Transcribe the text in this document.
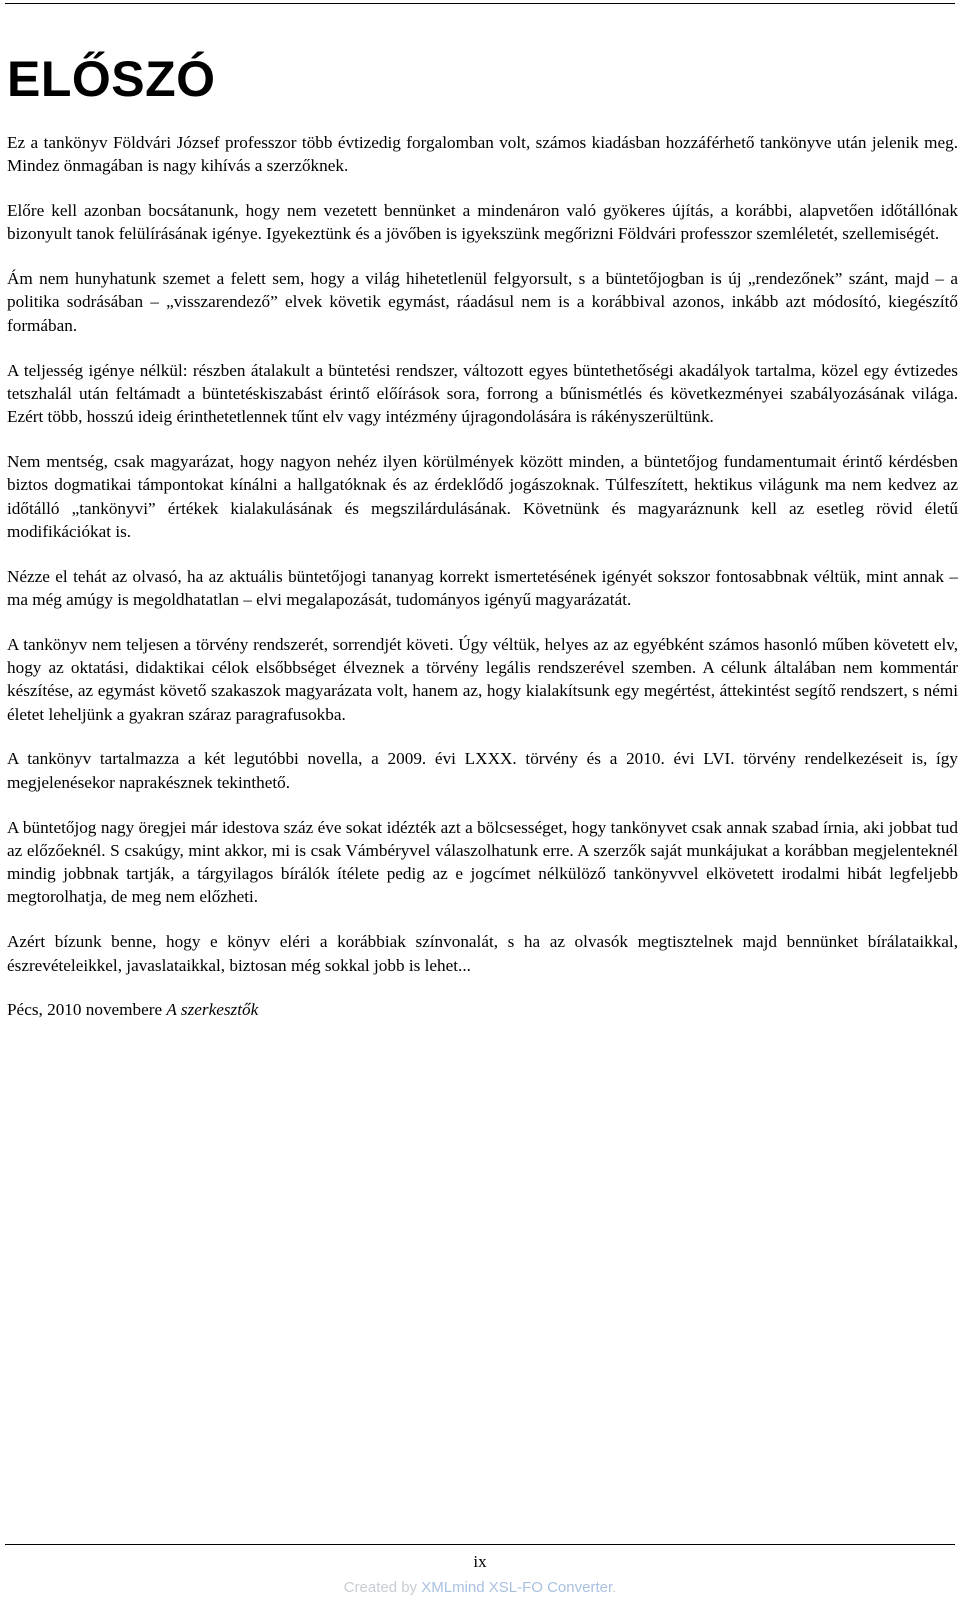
ELŐSZÓ

Ez a tankönyv Földvári József professzor több évtizedig forgalomban volt, számos kiadásban hozzáférhető tankönyve után jelenik meg. Mindez önmagában is nagy kihívás a szerzőknek.

Előre kell azonban bocsátanunk, hogy nem vezetett bennünket a mindenáron való gyökeres újítás, a korábbi, alapvetően időtállónak bizonyult tanok felülírásának igénye. Igyekeztünk és a jövőben is igyekszünk megőrizni Földvári professzor szemléletét, szellemiségét.

Ám nem hunyhatunk szemet a felett sem, hogy a világ hihetetlenül felgyorsult, s a büntetőjogban is új „rendezőnek” szánt, majd – a politika sodrásában – „visszarendező” elvek követik egymást, ráadásul nem is a korábbival azonos, inkább azt módosító, kiegészítő formában.

A teljesség igénye nélkül: részben átalakult a büntetési rendszer, változott egyes büntethetőségi akadályok tartalma, közel egy évtizedes tetszhalál után feltámadt a büntetéskiszabást érintő előírások sora, forrong a bűnismétlés és következményei szabályozásának világa. Ezért több, hosszú ideig érinthetetlennek tűnt elv vagy intézmény újragondolására is rákényszerültünk.

Nem mentség, csak magyarázat, hogy nagyon nehéz ilyen körülmények között minden, a büntetőjog fundamentumait érintő kérdésben biztos dogmatikai támpontokat kínálni a hallgatóknak és az érdeklődő jogászoknak. Túlfeszített, hektikus világunk ma nem kedvez az időtálló „tankönyvi” értékek kialakulásának és megszilárdulásának. Követnünk és magyaráznunk kell az esetleg rövid életű modifikációkat is.

Nézze el tehát az olvasó, ha az aktuális büntetőjogi tananyag korrekt ismertetésének igényét sokszor fontosabbnak véltük, mint annak – ma még amúgy is megoldhatatlan – elvi megalapozását, tudományos igényű magyarázatát.

A tankönyv nem teljesen a törvény rendszerét, sorrendjét követi. Úgy véltük, helyes az az egyébként számos hasonló műben követett elv, hogy az oktatási, didaktikai célok elsőbbséget élveznek a törvény legális rendszerével szemben. A célunk általában nem kommentár készítése, az egymást követő szakaszok magyarázata volt, hanem az, hogy kialakítsunk egy megértést, áttekintést segítő rendszert, s némi életet leheljünk a gyakran száraz paragrafusokba.

A tankönyv tartalmazza a két legutóbbi novella, a 2009. évi LXXX. törvény és a 2010. évi LVI. törvény rendelkezéseit is, így megjelenésekor naprakésznek tekinthető.

A büntetőjog nagy öregjei már idestova száz éve sokat idézték azt a bölcsességet, hogy tankönyvet csak annak szabad írnia, aki jobbat tud az előzőeknél. S csakúgy, mint akkor, mi is csak Vámbéryvel válaszolhatunk erre. A szerzők saját munkájukat a korábban megjelenteknél mindig jobbnak tartják, a tárgyilagos bírálók ítélete pedig az e jogcímet nélkülöző tankönyvvel elkövetett irodalmi hibát legfeljebb megtorolhatja, de meg nem előzheti.

Azért bízunk benne, hogy e könyv eléri a korábbiak színvonalát, s ha az olvasók megtisztelnek majd bennünket bírálataikkal, észrevételeikkel, javaslataikkal, biztosan még sokkal jobb is lehet...

Pécs, 2010 novembere A szerkesztők

ix
Created by XMLmind XSL-FO Converter.
